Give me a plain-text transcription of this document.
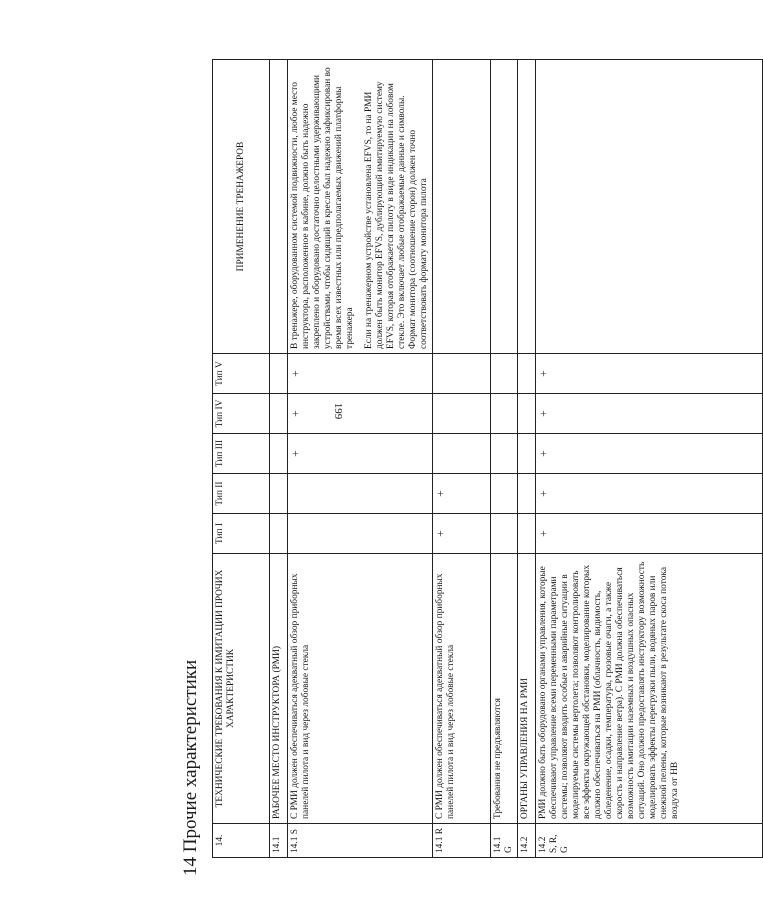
199
14 Прочие характеристики	14.	ТЕХНИЧЕСКИЕ ТРЕБОВАНИЯ К ИМИТАЦИИ ПРОЧИХ ХАРАКТЕРИСТИК	Тип I	Тип II	Тип III	Тип IV	Тип V	ПРИМЕНЕНИЕ ТРЕНАЖЕРОВ
14.1	РАБОЧЕЕ МЕСТО ИНСТРУКТОРА (РМИ)						

14.1 S	С РМИ должен обеспечиваться адекватный обзор приборных панелей пилота и вид через лобовые стекла			+	+	+	В тренажере, оборудованном системой подвижности, любое место инструктора, расположенное в кабине, должно быть надежно закреплено и оборудовано достаточно целостными удерживающими устройствами, чтобы сидящий в кресле был надежно зафиксирован во время всех известных или предполагаемых движений платформы тренажера Если на тренажерном устройстве установлена EFVS, то на РМИ должен быть монитор EFVS, дублирующий имитируемую систему EFVS, которая отображается пилоту в виде индикации на лобовом стекле. Это включает любые отображаемые данные и символы. Формат монитора (соотношение сторон) должен точно соответствовать формату монитора пилота

14.1 R	С РМИ должен обеспечиваться адекватный обзор приборных панелей пилота и вид через лобовые стекла	+	+				

14.1 G	Требования не предъявляются						

14.2	ОРГАНЫ УПРАВЛЕНИЯ НА РМИ						

14.2 S, R, G	РМИ должно быть оборудовано органами управления, которые обеспечивают управление всеми переменными параметрами системы; позволяют вводить особые и аварийные ситуации в моделируемые системы вертолета; позволяют контролировать все эффекты окружающей обстановки, моделирование которых должно обеспечиваться на РМИ (облачность, видимость, обледенение, осадки, температура, грозовые очаги, а также скорость и направление ветра). С РМИ должна обеспечиваться возможность имитации наземных и воздушных опасных ситуаций. Оно должно предоставлять инструктору возможность моделировать эффекты перегрузки пыли, водяных паров или снежной пелены, которые возникают в результате скоса потока воздуха от НВ	+	+	+	+	+	
